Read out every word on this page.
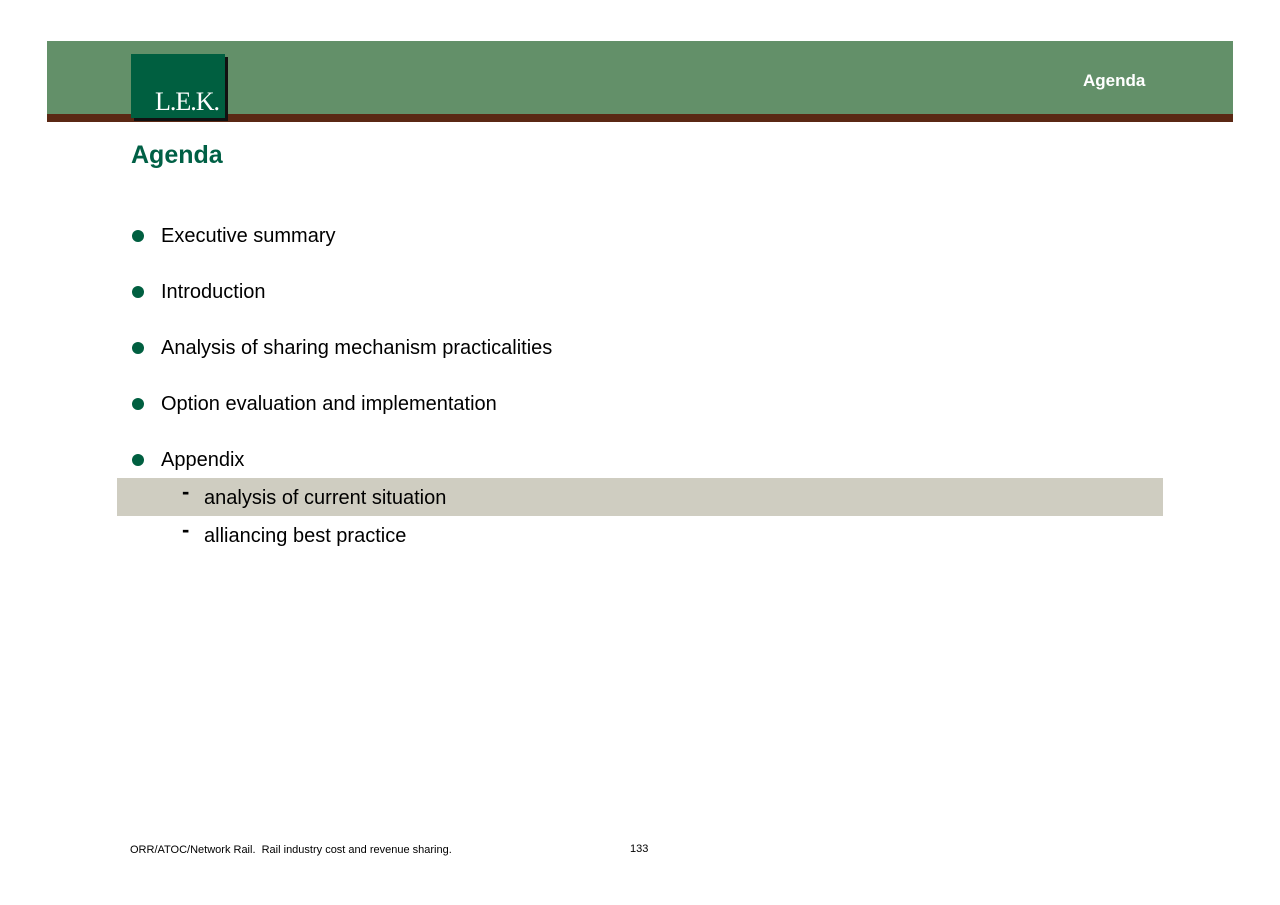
L.E.K.
Agenda
Agenda
Executive summary
Introduction
Analysis of sharing mechanism practicalities
Option evaluation and implementation
Appendix
- analysis of current situation
- alliancing best practice
ORR/ATOC/Network Rail.  Rail industry cost and revenue sharing.	133
